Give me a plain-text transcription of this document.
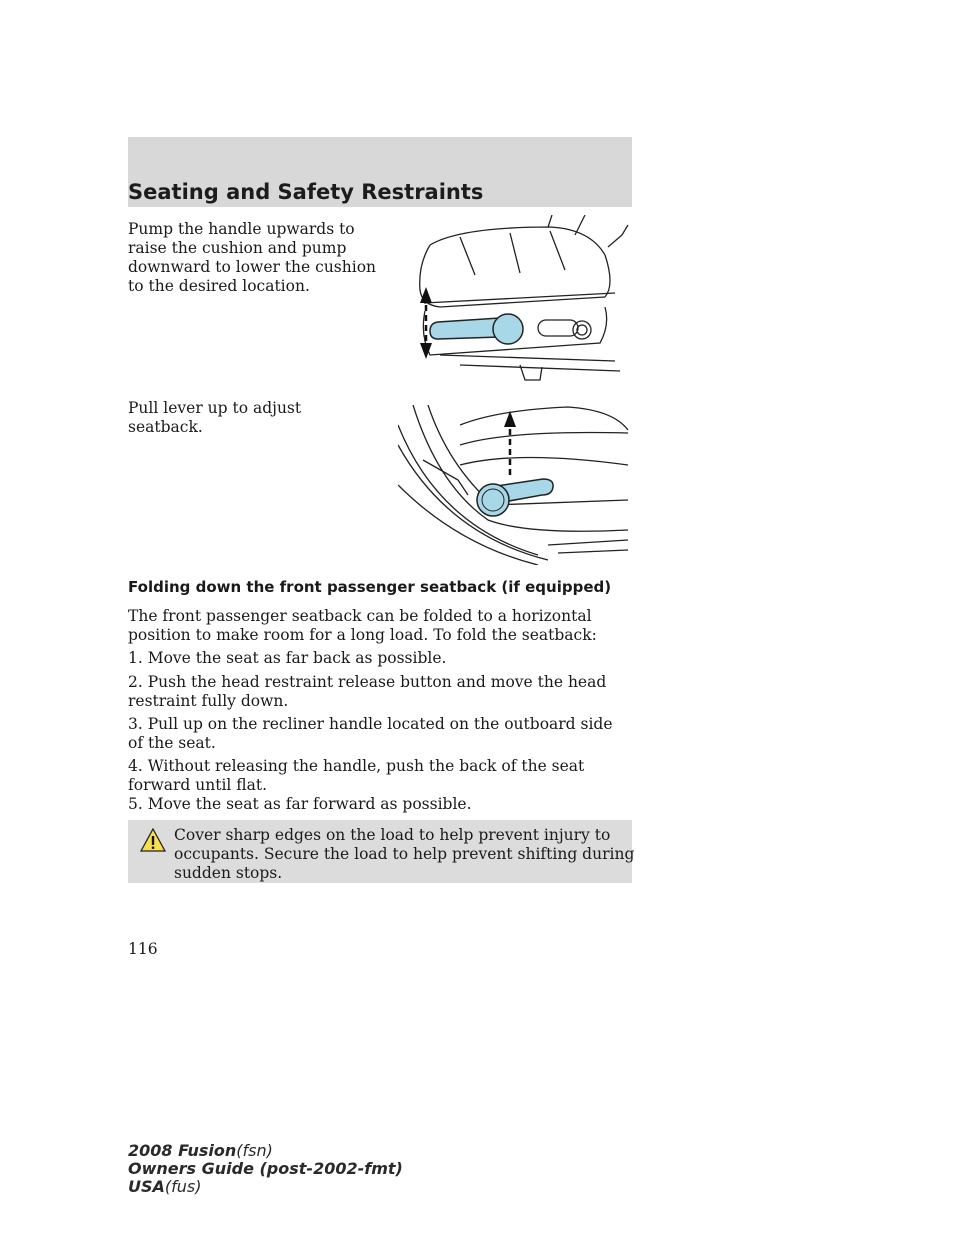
Seating and Safety Restraints
Pump the handle upwards to raise the cushion and pump downward to lower the cushion to the desired location.
Pull lever up to adjust seatback.
Folding down the front passenger seatback (if equipped)
The front passenger seatback can be folded to a horizontal position to make room for a long load. To fold the seatback:
1. Move the seat as far back as possible.
2. Push the head restraint release button and move the head restraint fully down.
3. Pull up on the recliner handle located on the outboard side of the seat.
4. Without releasing the handle, push the back of the seat forward until flat.
5. Move the seat as far forward as possible.
Cover sharp edges on the load to help prevent injury to occupants. Secure the load to help prevent shifting during sudden stops.
116
2008 Fusion(fsn)
Owners Guide (post-2002-fmt)
USA(fus)
